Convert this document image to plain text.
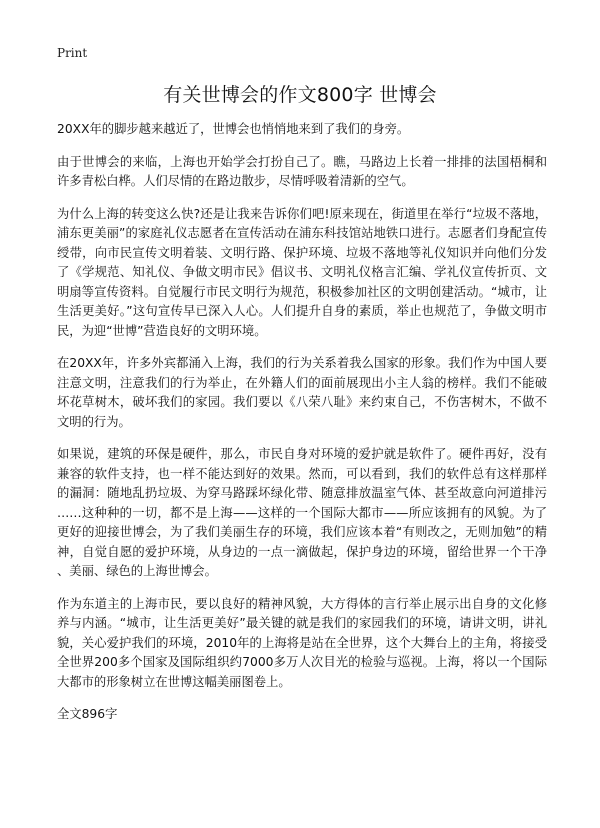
Print
有关世博会的作文800字 世博会

20XX年的脚步越来越近了，世博会也悄悄地来到了我们的身旁。

由于世博会的来临，上海也开始学会打扮自己了。瞧，马路边上长着一排排的法国梧桐和许多青松白桦。人们尽情的在路边散步，尽情呼吸着清新的空气。

为什么上海的转变这么快?还是让我来告诉你们吧!原来现在，街道里在举行“垃圾不落地，浦东更美丽”的家庭礼仪志愿者在宣传活动在浦东科技馆站地铁口进行。志愿者们身配宣传绶带，向市民宣传文明着装、文明行路、保护环境、垃圾不落地等礼仪知识并向他们分发了《学规范、知礼仪、争做文明市民》倡议书、文明礼仪格言汇编、学礼仪宣传折页、文明扇等宣传资料。自觉履行市民文明行为规范，积极参加社区的文明创建活动。“城市，让生活更美好。”这句宣传早已深入人心。人们提升自身的素质，举止也规范了，争做文明市民，为迎“世博”营造良好的文明环境。

在20XX年，许多外宾都涌入上海，我们的行为关系着我么国家的形象。我们作为中国人要注意文明，注意我们的行为举止，在外籍人们的面前展现出小主人翁的榜样。我们不能破坏花草树木，破坏我们的家园。我们要以《八荣八耻》来约束自己，不伤害树木，不做不文明的行为。

如果说，建筑的环保是硬件，那么，市民自身对环境的爱护就是软件了。硬件再好，没有兼容的软件支持，也一样不能达到好的效果。然而，可以看到，我们的软件总有这样那样的漏洞：随地乱扔垃圾、为穿马路踩坏绿化带、随意排放温室气体、甚至故意向河道排污……这种种的一切，都不是上海——这样的一个国际大都市——所应该拥有的风貌。为了更好的迎接世博会，为了我们美丽生存的环境，我们应该本着“有则改之，无则加勉”的精神，自觉自愿的爱护环境，从身边的一点一滴做起，保护身边的环境，留给世界一个干净、美丽、绿色的上海世博会。

作为东道主的上海市民，要以良好的精神风貌，大方得体的言行举止展示出自身的文化修养与内涵。“城市，让生活更美好”最关键的就是我们的家园我们的环境，请讲文明，讲礼貌，关心爱护我们的环境，2010年的上海将是站在全世界，这个大舞台上的主角，将接受全世界200多个国家及国际组织约7000多万人次目光的检验与巡视。上海，将以一个国际大都市的形象树立在世博这幅美丽图卷上。

全文896字
